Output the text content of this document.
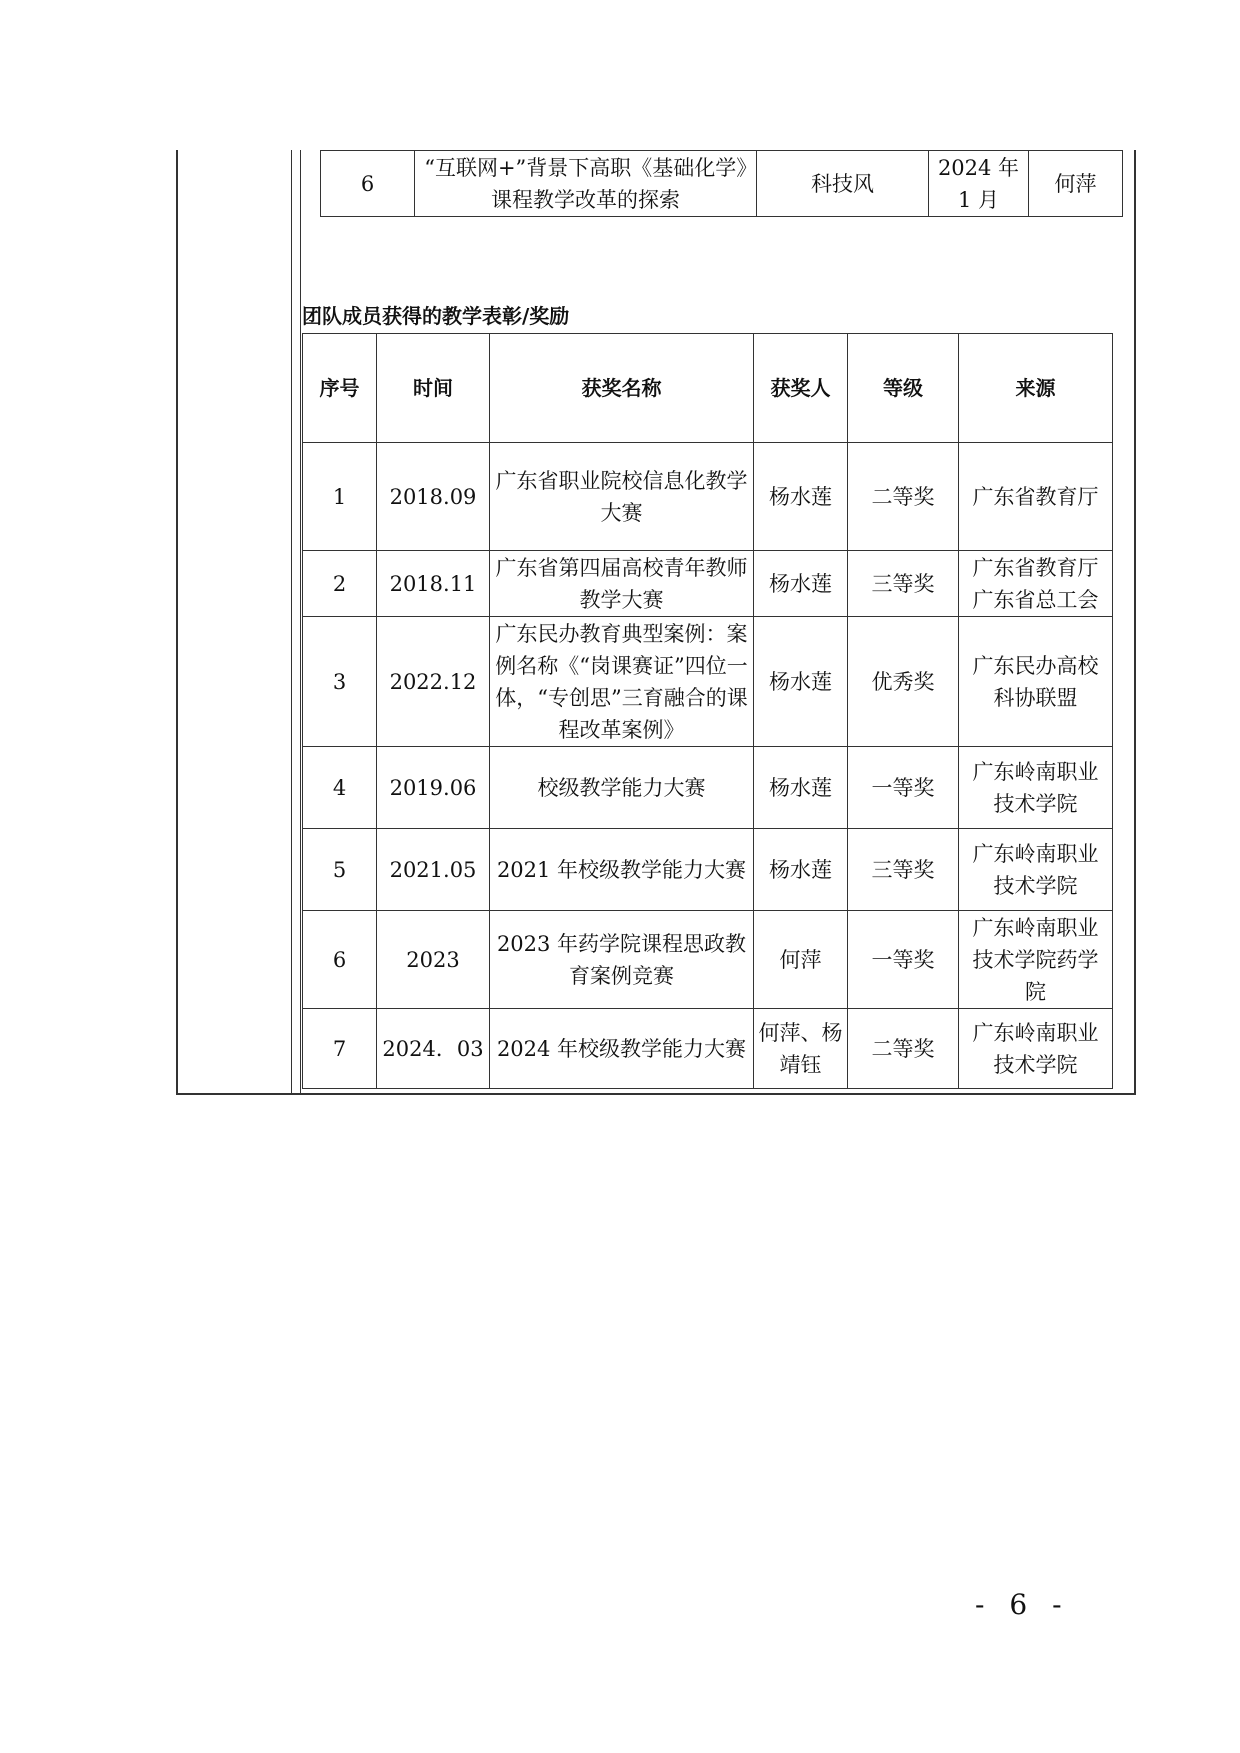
6	“互联网+”背景下高职《基础化学》课程教学改革的探索	科技风	2024 年 1 月	何萍
团队成员获得的教学表彰/奖励
序号	时间	获奖名称	获奖人	等级	来源
1	2018.09	广东省职业院校信息化教学大赛	杨水莲	二等奖	广东省教育厅
2	2018.11	广东省第四届高校青年教师教学大赛	杨水莲	三等奖	广东省教育厅 广东省总工会
3	2022.12	广东民办教育典型案例：案例名称《“岗课赛证”四位一体，“专创思”三育融合的课程改革案例》	杨水莲	优秀奖	广东民办高校科协联盟
4	2019.06	校级教学能力大赛	杨水莲	一等奖	广东岭南职业技术学院
5	2021.05	2021 年校级教学能力大赛	杨水莲	三等奖	广东岭南职业技术学院
6	2023	2023 年药学院课程思政教育案例竞赛	何萍	一等奖	广东岭南职业技术学院药学院
7	2024．03	2024 年校级教学能力大赛	何萍、杨靖钰	二等奖	广东岭南职业技术学院
- 6 -
